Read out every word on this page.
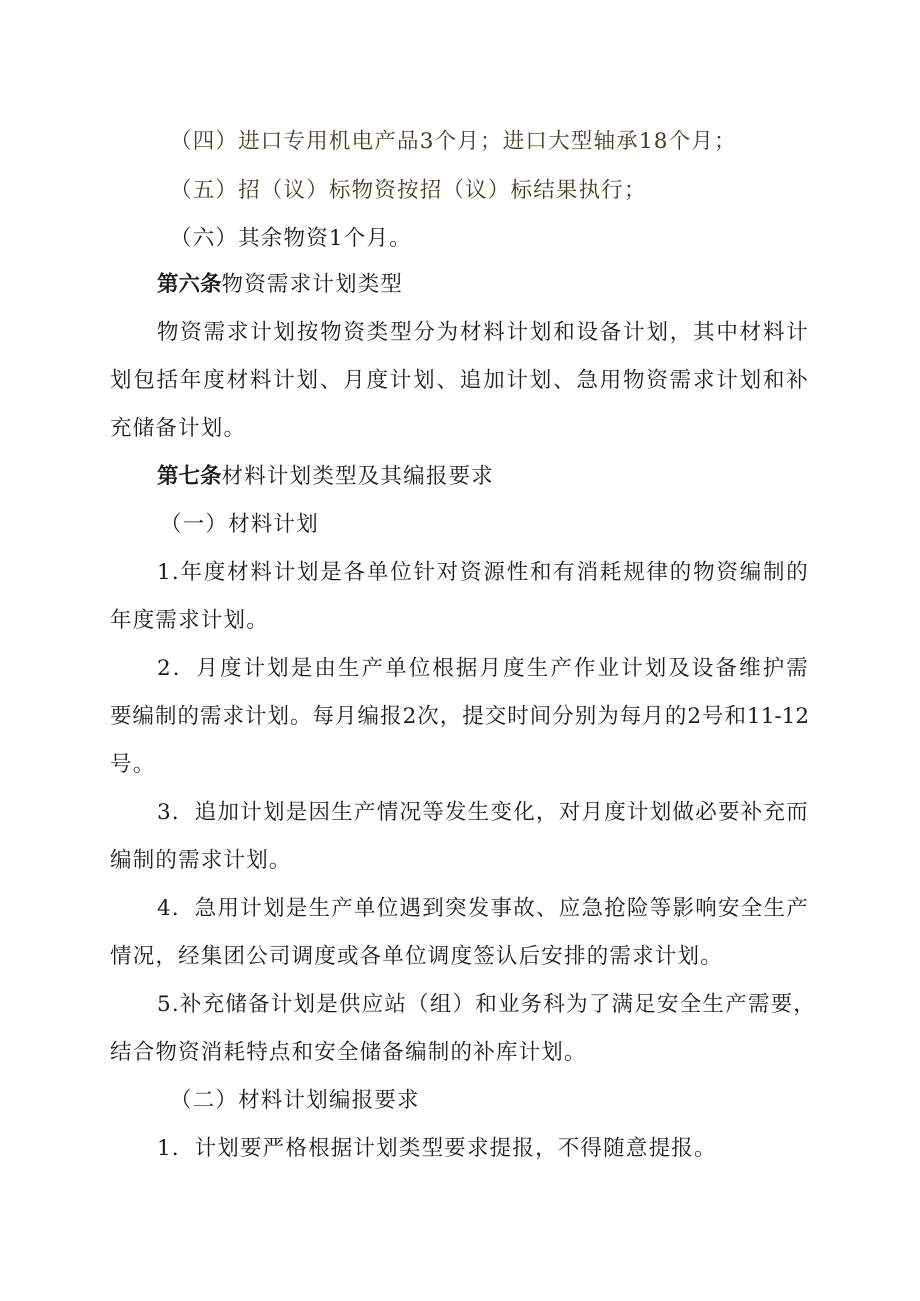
（四）进口专用机电产品3个月；进口大型轴承18个月；
（五）招（议）标物资按招（议）标结果执行；
（六）其余物资1个月。
第六条物资需求计划类型
物资需求计划按物资类型分为材料计划和设备计划，其中材料计
划包括年度材料计划、月度计划、追加计划、急用物资需求计划和补
充储备计划。
第七条材料计划类型及其编报要求
（一）材料计划
1.年度材料计划是各单位针对资源性和有消耗规律的物资编制的
年度需求计划。
2．月度计划是由生产单位根据月度生产作业计划及设备维护需
要编制的需求计划。每月编报2次，提交时间分别为每月的2号和11-12
号。
3．追加计划是因生产情况等发生变化，对月度计划做必要补充而
编制的需求计划。
4．急用计划是生产单位遇到突发事故、应急抢险等影响安全生产
情况，经集团公司调度或各单位调度签认后安排的需求计划。
5.补充储备计划是供应站（组）和业务科为了满足安全生产需要，
结合物资消耗特点和安全储备编制的补库计划。
（二）材料计划编报要求
1．计划要严格根据计划类型要求提报，不得随意提报。
